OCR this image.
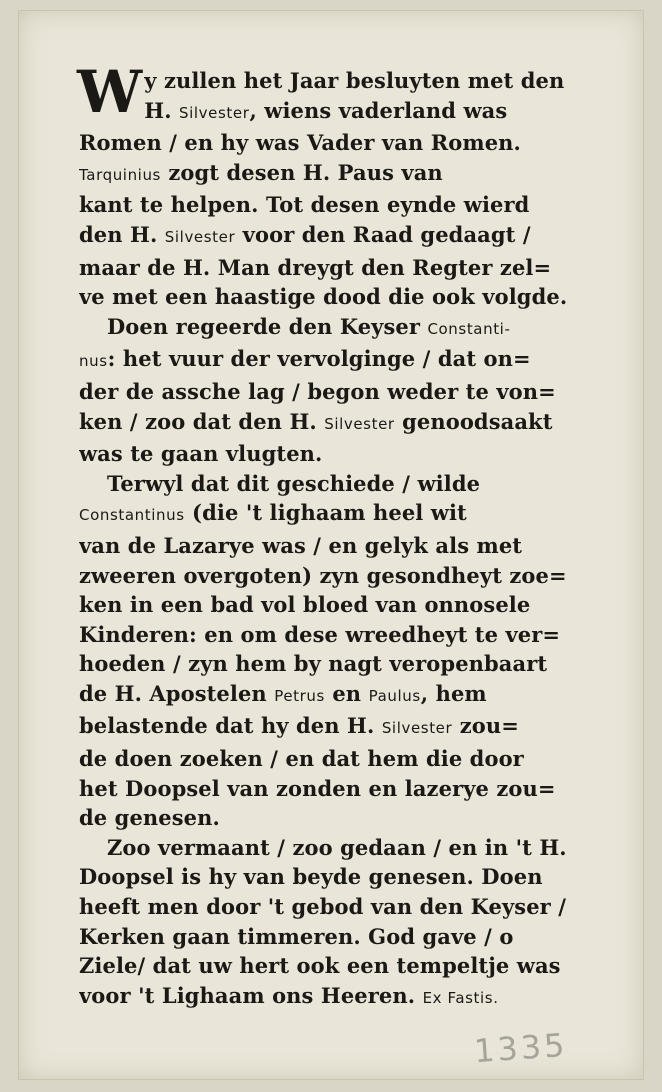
W y zullen het Jaar besluyten met den
H. Silvester, wiens vaderland was
Romen / en hy was Vader van Romen.
Tarquinius zogt desen H. Paus van
kant te helpen. Tot desen eynde wierd
den H. Silvester voor den Raad gedaagt /
maar de H. Man dreygt den Regter zel=
ve met een haastige dood die ook volgde.
Doen regeerde den Keyser Constanti-
nus: het vuur der vervolginge / dat on=
der de assche lag / begon weder te von=
ken / zoo dat den H. Silvester genoodsaakt
was te gaan vlugten.
Terwyl dat dit geschiede / wilde
Constantinus (die 't lighaam heel wit
van de Lazarye was / en gelyk als met
zweeren overgoten) zyn gesondheyt zoe=
ken in een bad vol bloed van onnosele
Kinderen: en om dese wreedheyt te ver=
hoeden / zyn hem by nagt veropenbaart
de H. Apostelen Petrus en Paulus, hem
belastende dat hy den H. Silvester zou=
de doen zoeken / en dat hem die door
het Doopsel van zonden en lazerye zou=
de genesen.
Zoo vermaant / zoo gedaan / en in 't H.
Doopsel is hy van beyde genesen. Doen
heeft men door 't gebod van den Keyser /
Kerken gaan timmeren. God gave / o
Ziele/ dat uw hert ook een tempeltje was
voor 't Lighaam ons Heeren. Ex Fastis.
1335
